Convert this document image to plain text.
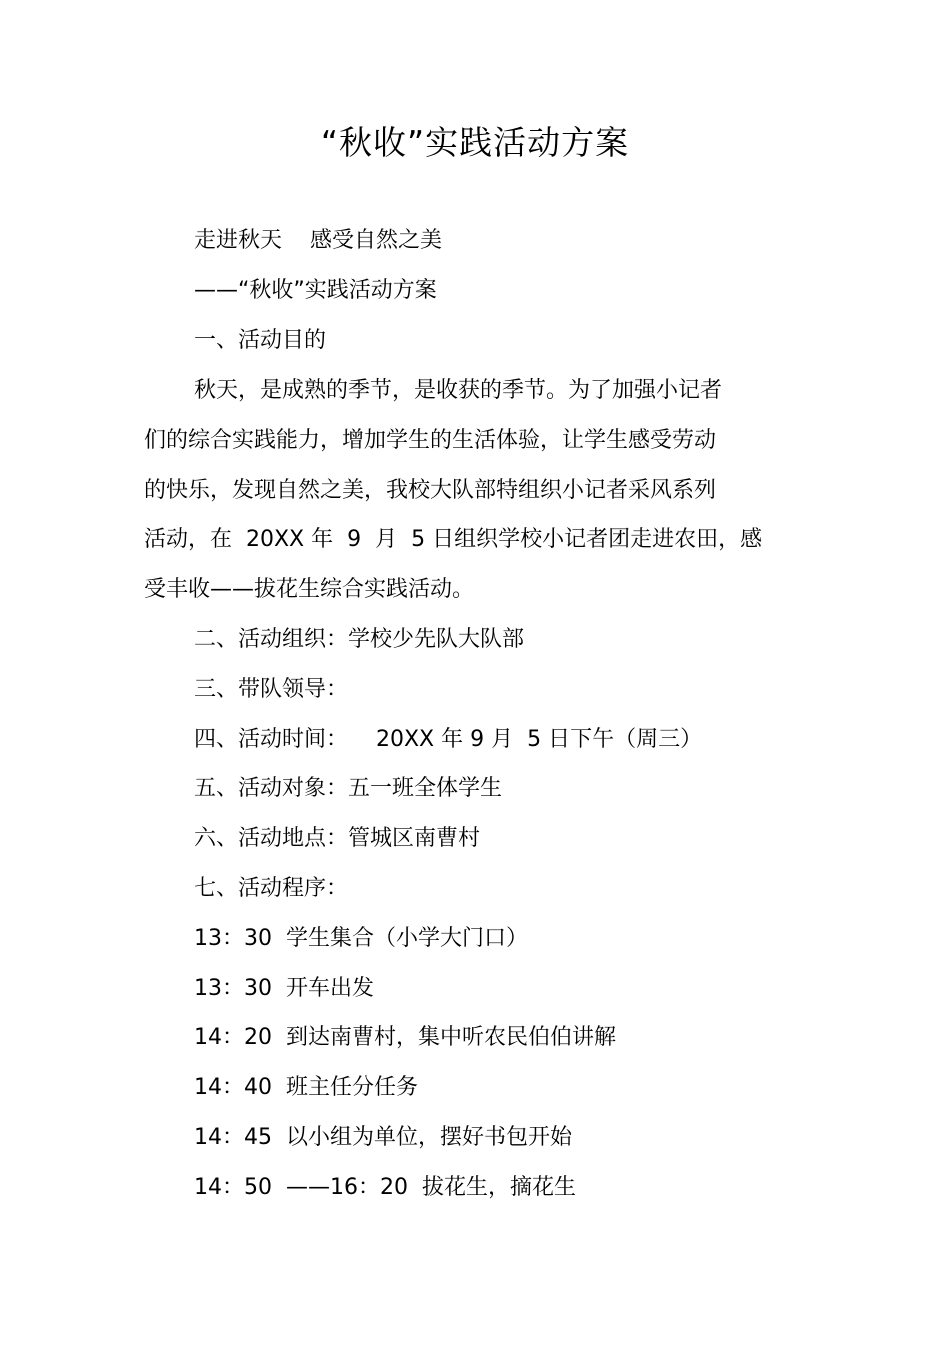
“秋收”实践活动方案
走进秋天    感受自然之美
——“秋收”实践活动方案
一、活动目的
秋天，是成熟的季节，是收获的季节。为了加强小记者
们的综合实践能力，增加学生的生活体验，让学生感受劳动
的快乐，发现自然之美，我校大队部特组织小记者采风系列
活动，在  20XX 年  9  月  5 日组织学校小记者团走进农田，感
受丰收——拔花生综合实践活动。
二、活动组织：学校少先队大队部
三、带队领导：
四、活动时间：    20XX 年 9 月  5 日下午（周三）
五、活动对象：五一班全体学生
六、活动地点：管城区南曹村
七、活动程序：
13：30  学生集合（小学大门口）
13：30  开车出发
14：20  到达南曹村，集中听农民伯伯讲解
14：40  班主任分任务
14：45  以小组为单位，摆好书包开始
14：50  ——16：20  拔花生，摘花生
